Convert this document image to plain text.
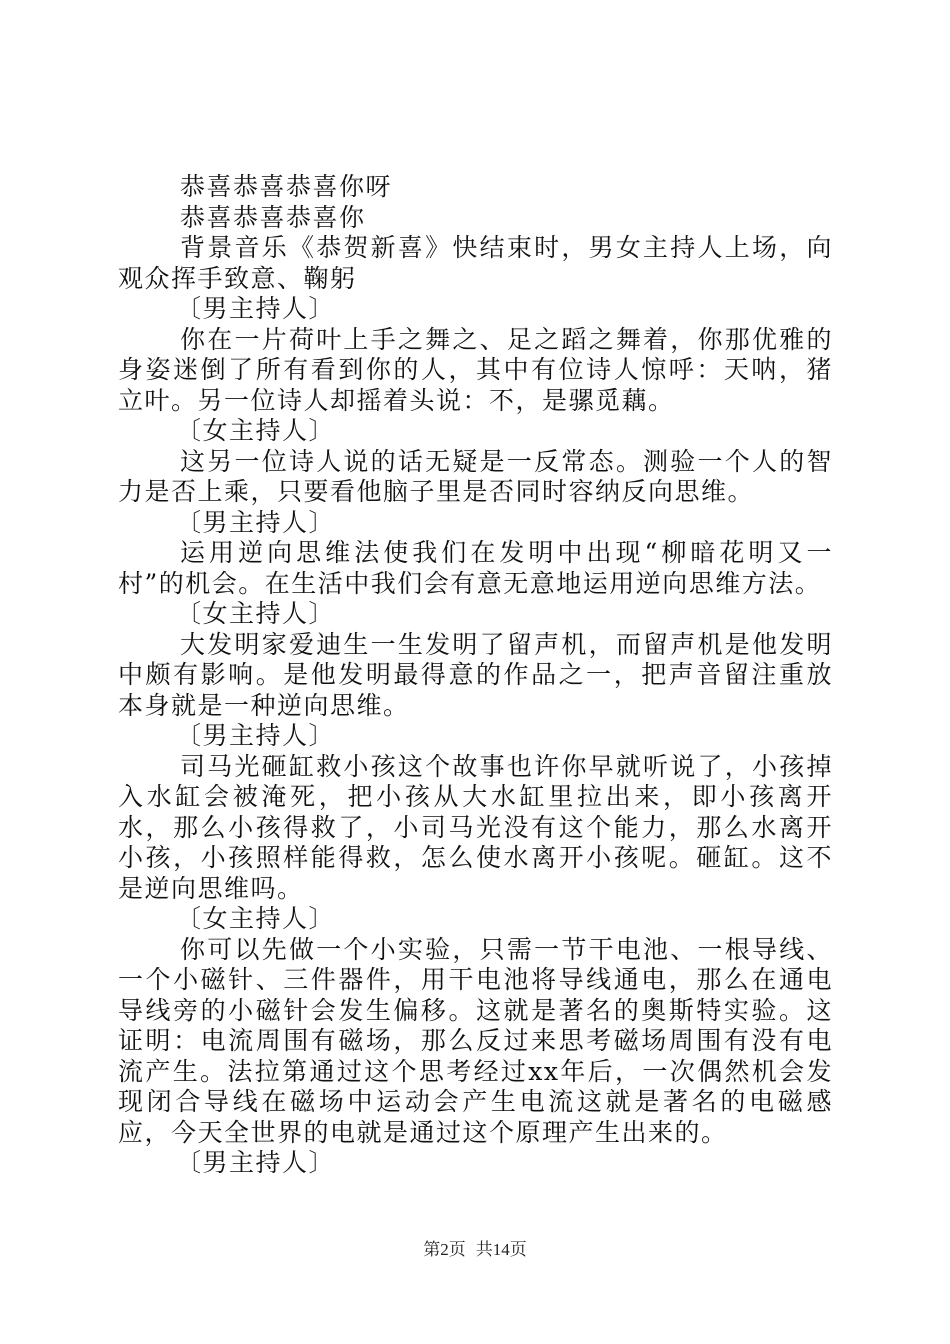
恭喜恭喜恭喜你呀

恭喜恭喜恭喜你

背景音乐《恭贺新喜》快结束时，男女主持人上场，向观众挥手致意、鞠躬

〔男主持人〕

你在一片荷叶上手之舞之、足之蹈之舞着，你那优雅的身姿迷倒了所有看到你的人，其中有位诗人惊呼：天呐，猪立叶。另一位诗人却摇着头说：不，是骡觅藕。

〔女主持人〕

这另一位诗人说的话无疑是一反常态。测验一个人的智力是否上乘，只要看他脑子里是否同时容纳反向思维。

〔男主持人〕

运用逆向思维法使我们在发明中出现“柳暗花明又一村”的机会。在生活中我们会有意无意地运用逆向思维方法。

〔女主持人〕

大发明家爱迪生一生发明了留声机，而留声机是他发明中颇有影响。是他发明最得意的作品之一，把声音留注重放本身就是一种逆向思维。

〔男主持人〕

司马光砸缸救小孩这个故事也许你早就听说了，小孩掉入水缸会被淹死，把小孩从大水缸里拉出来，即小孩离开水，那么小孩得救了，小司马光没有这个能力，那么水离开小孩，小孩照样能得救，怎么使水离开小孩呢。砸缸。这不是逆向思维吗。

〔女主持人〕

你可以先做一个小实验，只需一节干电池、一根导线、一个小磁针、三件器件，用干电池将导线通电，那么在通电导线旁的小磁针会发生偏移。这就是著名的奥斯特实验。这证明：电流周围有磁场，那么反过来思考磁场周围有没有电流产生。法拉第通过这个思考经过xx年后，一次偶然机会发现闭合导线在磁场中运动会产生电流这就是著名的电磁感应，今天全世界的电就是通过这个原理产生出来的。

〔男主持人〕

第2页 共14页
